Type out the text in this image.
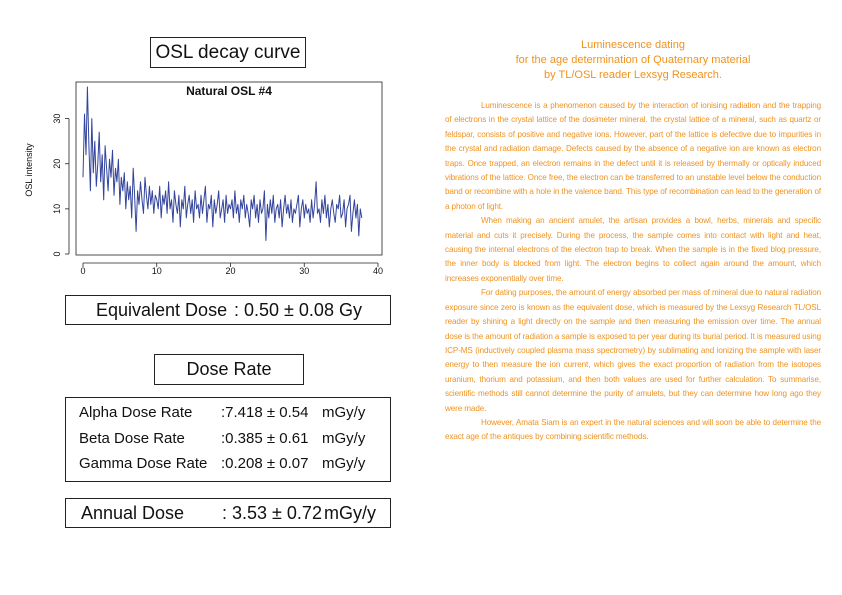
OSL decay curve
Natural OSL #4
OSL intensity
0	10	20	30	40
0
10
20
30
Equivalent Dose : 0.50 ± 0.08 Gy
Dose Rate
Alpha Dose Rate :7.418 ± 0.54 mGy/y
Beta Dose Rate :0.385 ± 0.61 mGy/y
Gamma Dose Rate :0.208 ± 0.07 mGy/y
Annual Dose : 3.53 ± 0.72 mGy/y
Luminescence dating
for the age determination of Quaternary material
by TL/OSL reader Lexsyg Research.

Luminescence is a phenomenon caused by the interaction of ionising radiation and the trapping of electrons in the crystal lattice of the dosimeter mineral. the crystal lattice of a mineral, such as quartz or feldspar, consists of positive and negative ions. However, part of the lattice is defective due to impurities in the crystal and radiation damage. Defects caused by the absence of a negative ion are known as electron traps. Once trapped, an electron remains in the defect until it is released by thermally or optically induced vibrations of the lattice. Once free, the electron can be transferred to an unstable level below the conduction band or recombine with a hole in the valence band. This type of recombination can lead to the generation of a photon of light.

When making an ancient amulet, the artisan provides a bowl, herbs, minerals and specific material and cuts it precisely. During the process, the sample comes into contact with light and heat, causing the internal electrons of the electron trap to break. When the sample is in the fixed blog pressure, the inner body is blocked from light. The electron begins to collect again around the amount, which increases exponentially over time.

For dating purposes, the amount of energy absorbed per mass of mineral due to natural radiation exposure since zero is known as the equivalent dose, which is measured by the Lexsyg Research TL/OSL reader by shining a light directly on the sample and then measuring the emission over time. The annual dose is the amount of radiation a sample is exposed to per year during its burial period. It is measured using ICP-MS (inductively coupled plasma mass spectrometry) by sublimating and ionizing the sample with laser energy to then measure the ion current, which gives the exact proportion of radiation from the isotopes uranium, thorium and potassium, and then both values are used for further calculation. To summarise, scientific methods still cannot determine the purity of amulets, but they can determine how long ago they were made.

However, Amata Siam is an expert in the natural sciences and will soon be able to determine the exact age of the antiques by combining scientific methods.
